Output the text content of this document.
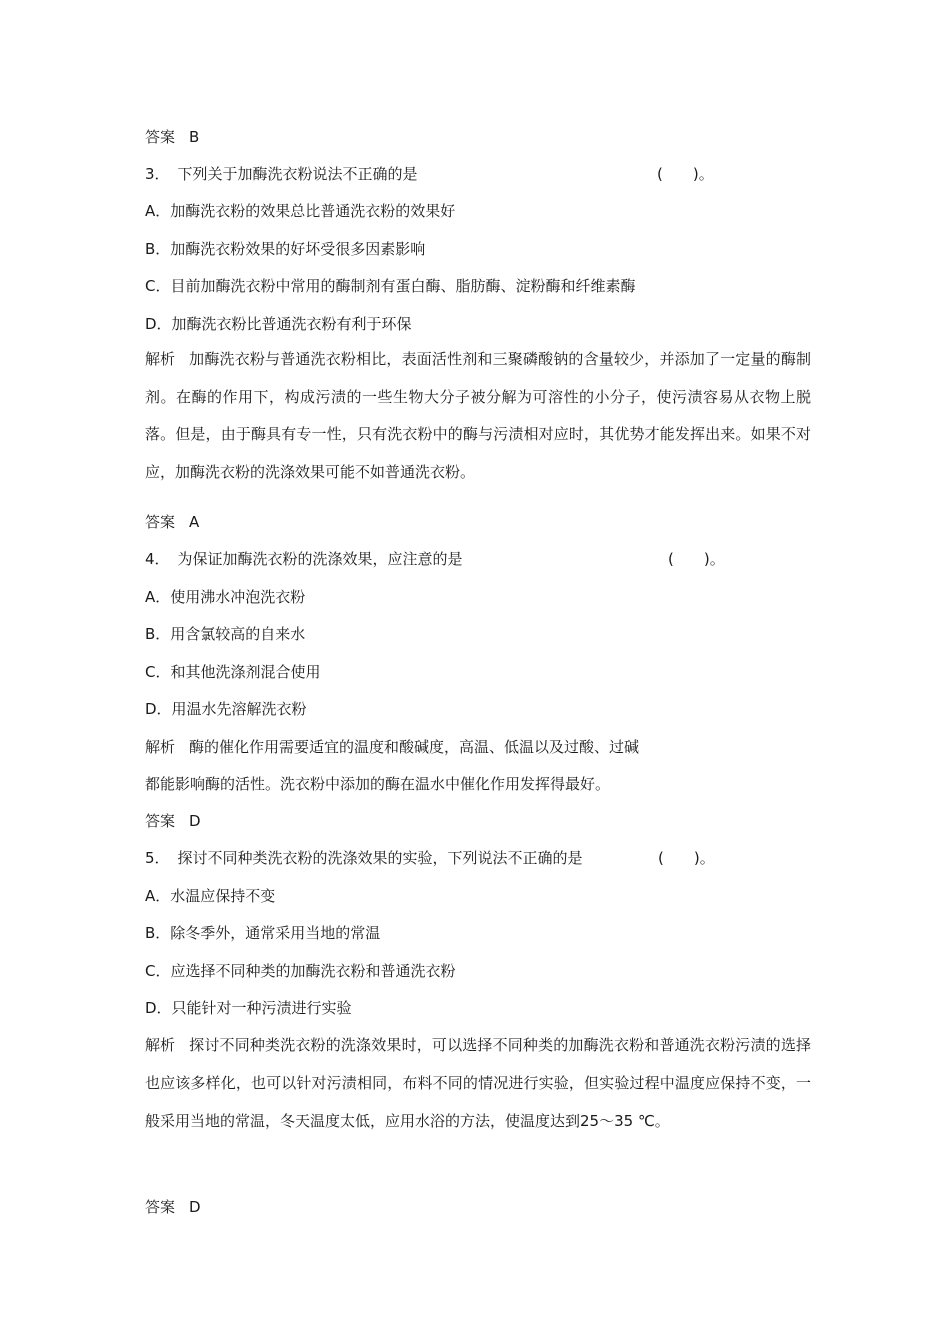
答案 B
3． 下列关于加酶洗衣粉说法不正确的是	(　　)。
A．加酶洗衣粉的效果总比普通洗衣粉的效果好
B．加酶洗衣粉效果的好坏受很多因素影响
C．目前加酶洗衣粉中常用的酶制剂有蛋白酶、脂肪酶、淀粉酶和纤维素酶
D．加酶洗衣粉比普通洗衣粉有利于环保
解析 加酶洗衣粉与普通洗衣粉相比，表面活性剂和三聚磷酸钠的含量较少，并添加了一定量的酶制剂。在酶的作用下，构成污渍的一些生物大分子被分解为可溶性的小分子，使污渍容易从衣物上脱落。但是，由于酶具有专一性，只有洗衣粉中的酶与污渍相对应时，其优势才能发挥出来。如果不对应，加酶洗衣粉的洗涤效果可能不如普通洗衣粉。
答案 A
4． 为保证加酶洗衣粉的洗涤效果，应注意的是	(　　)。
A．使用沸水冲泡洗衣粉
B．用含氯较高的自来水
C．和其他洗涤剂混合使用
D．用温水先溶解洗衣粉
解析 酶的催化作用需要适宜的温度和酸碱度，高温、低温以及过酸、过碱
都能影响酶的活性。洗衣粉中添加的酶在温水中催化作用发挥得最好。
答案 D
5． 探讨不同种类洗衣粉的洗涤效果的实验，下列说法不正确的是	(　　)。
A．水温应保持不变
B．除冬季外，通常采用当地的常温
C．应选择不同种类的加酶洗衣粉和普通洗衣粉
D．只能针对一种污渍进行实验
解析 探讨不同种类洗衣粉的洗涤效果时，可以选择不同种类的加酶洗衣粉和普通洗衣粉污渍的选择也应该多样化，也可以针对污渍相同，布料不同的情况进行实验，但实验过程中温度应保持不变，一般采用当地的常温，冬天温度太低，应用水浴的方法，使温度达到25～35 ℃。
答案 D
